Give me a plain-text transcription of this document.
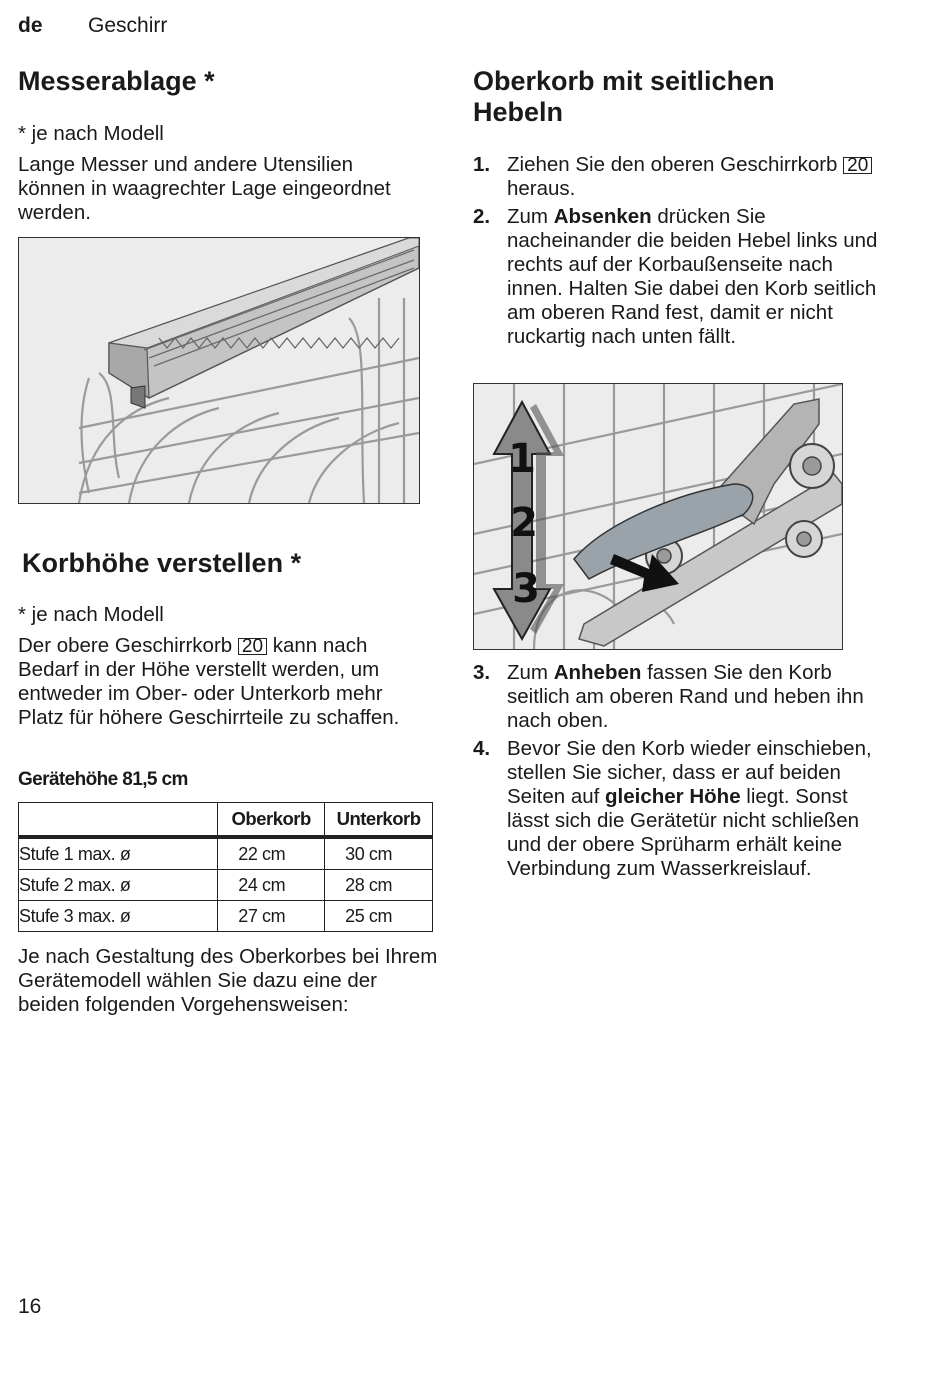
de Geschirr
Messerablage *

* je nach Modell

Lange Messer und andere Utensilien können in waagrechter Lage eingeordnet werden.

Korbhöhe verstellen *

* je nach Modell

Der obere Geschirrkorb 20 kann nach Bedarf in der Höhe verstellt werden, um entweder im Ober- oder Unterkorb mehr Platz für höhere Geschirrteile zu schaffen.

Gerätehöhe 81,5 cm
	Oberkorb	Unterkorb
Stufe 1 max. ø	22 cm	30 cm
Stufe 2 max. ø	24 cm	28 cm
Stufe 3 max. ø	27 cm	25 cm

Je nach Gestaltung des Oberkorbes bei Ihrem Gerätemodell wählen Sie dazu eine der beiden folgenden Vorgehensweisen:

Oberkorb mit seitlichen Hebeln
1. Ziehen Sie den oberen Geschirrkorb 20 heraus.
2. Zum Absenken drücken Sie nacheinander die beiden Hebel links und rechts auf der Korbaußenseite nach innen. Halten Sie dabei den Korb seitlich am oberen Rand fest, damit er nicht ruckartig nach unten fällt.
1
2
3
3. Zum Anheben fassen Sie den Korb seitlich am oberen Rand und heben ihn nach oben.
4. Bevor Sie den Korb wieder einschieben, stellen Sie sicher, dass er auf beiden Seiten auf gleicher Höhe liegt. Sonst lässt sich die Gerätetür nicht schließen und der obere Sprüharm erhält keine Verbindung zum Wasserkreislauf.
16
